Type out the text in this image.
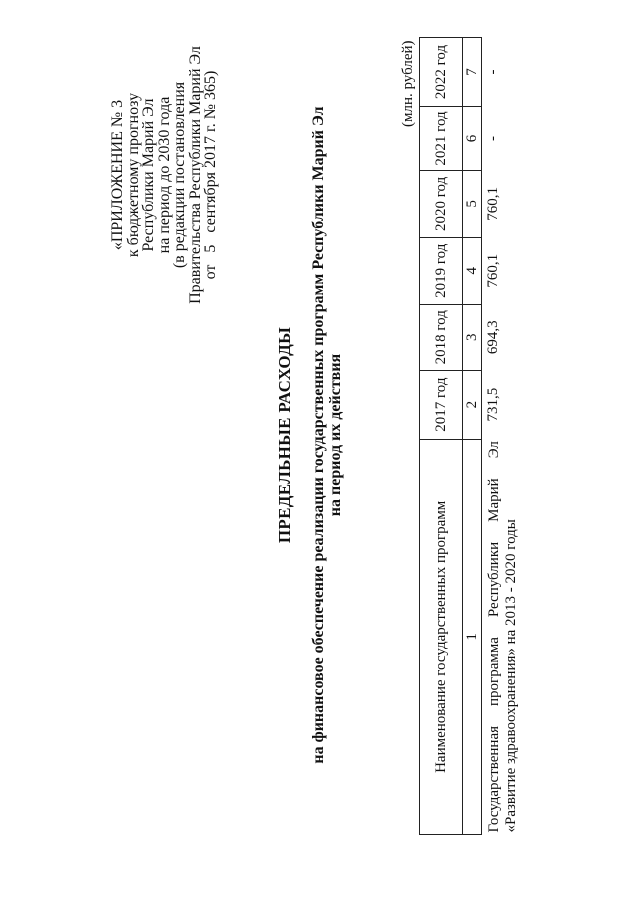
«ПРИЛОЖЕНИЕ № 3
к бюджетному прогнозу
Республики Марий Эл
на период до 2030 года
(в редакции постановления
Правительства Республики Марий Эл
от   5   сентября 2017 г. № 365)
ПРЕДЕЛЬНЫЕ РАСХОДЫ на финансовое обеспечение реализации государственных программ Республики Марий Эл на период их действия
(млн. рублей)
Наименование государственных программ	2017 год	2018 год	2019 год	2020 год	2021 год	2022 год
1	2	3	4	5	6	7
Государственная программа Республики Марий Эл «Развитие здравоохранения» на 2013 - 2020 годы	731,5	694,3	760,1	760,1	-	-
